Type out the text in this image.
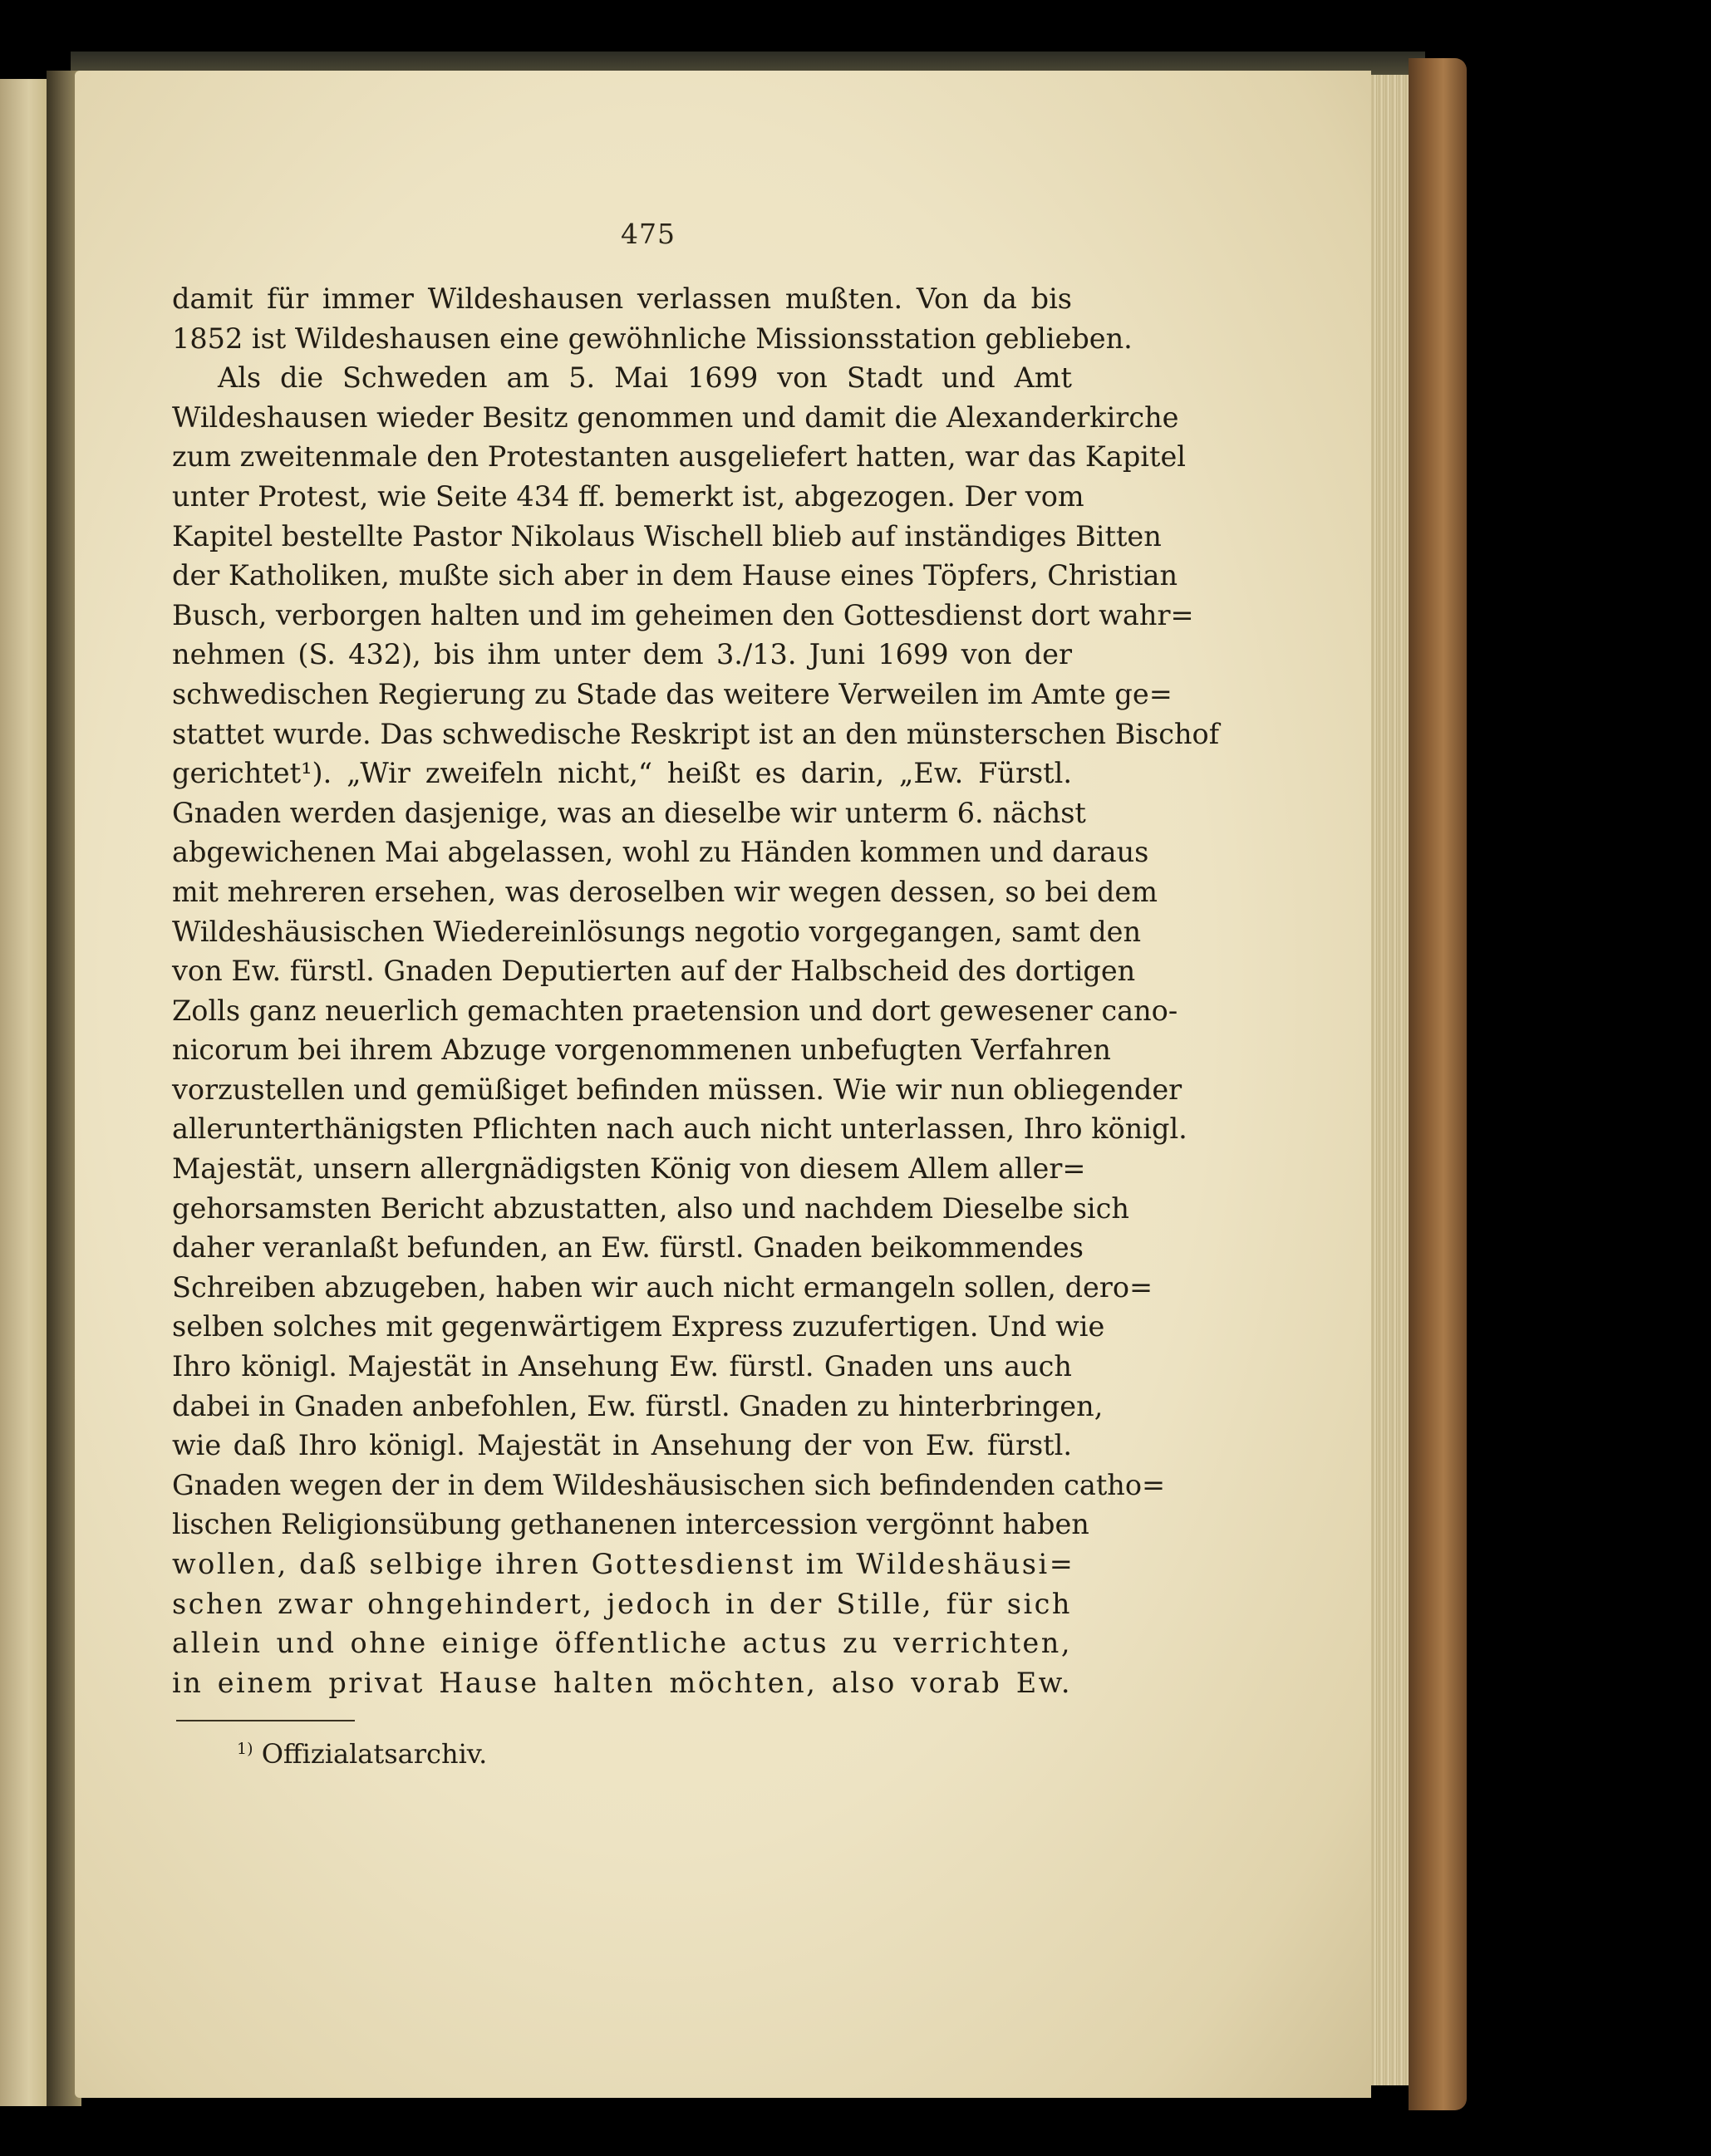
475
damit für immer Wildeshausen verlassen mußten. Von da bis
1852 ist Wildeshausen eine gewöhnliche Missionsstation geblieben.
Als die Schweden am 5. Mai 1699 von Stadt und Amt
Wildeshausen wieder Besitz genommen und damit die Alexanderkirche
zum zweitenmale den Protestanten ausgeliefert hatten, war das Kapitel
unter Protest, wie Seite 434 ff. bemerkt ist, abgezogen. Der vom
Kapitel bestellte Pastor Nikolaus Wischell blieb auf inständiges Bitten
der Katholiken, mußte sich aber in dem Hause eines Töpfers, Christian
Busch, verborgen halten und im geheimen den Gottesdienst dort wahr=
nehmen (S. 432), bis ihm unter dem 3./13. Juni 1699 von der
schwedischen Regierung zu Stade das weitere Verweilen im Amte ge=
stattet wurde. Das schwedische Reskript ist an den münsterschen Bischof
gerichtet¹). „Wir zweifeln nicht,“ heißt es darin, „Ew. Fürstl.
Gnaden werden dasjenige, was an dieselbe wir unterm 6. nächst
abgewichenen Mai abgelassen, wohl zu Händen kommen und daraus
mit mehreren ersehen, was deroselben wir wegen dessen, so bei dem
Wildeshäusischen Wiedereinlösungs negotio vorgegangen, samt den
von Ew. fürstl. Gnaden Deputierten auf der Halbscheid des dortigen
Zolls ganz neuerlich gemachten praetension und dort gewesener cano-
nicorum bei ihrem Abzuge vorgenommenen unbefugten Verfahren
vorzustellen und gemüßiget befinden müssen. Wie wir nun obliegender
allerunterthänigsten Pflichten nach auch nicht unterlassen, Ihro königl.
Majestät, unsern allergnädigsten König von diesem Allem aller=
gehorsamsten Bericht abzustatten, also und nachdem Dieselbe sich
daher veranlaßt befunden, an Ew. fürstl. Gnaden beikommendes
Schreiben abzugeben, haben wir auch nicht ermangeln sollen, dero=
selben solches mit gegenwärtigem Express zuzufertigen. Und wie
Ihro königl. Majestät in Ansehung Ew. fürstl. Gnaden uns auch
dabei in Gnaden anbefohlen, Ew. fürstl. Gnaden zu hinterbringen,
wie daß Ihro königl. Majestät in Ansehung der von Ew. fürstl.
Gnaden wegen der in dem Wildeshäusischen sich befindenden catho=
lischen Religionsübung gethanenen intercession vergönnt haben
wollen, daß selbige ihren Gottesdienst im Wildeshäusi=
schen zwar ohngehindert, jedoch in der Stille, für sich
allein und ohne einige öffentliche actus zu verrichten,
in einem privat Hause halten möchten, also vorab Ew.
$^{1)}$ Offizialatsarchiv.
